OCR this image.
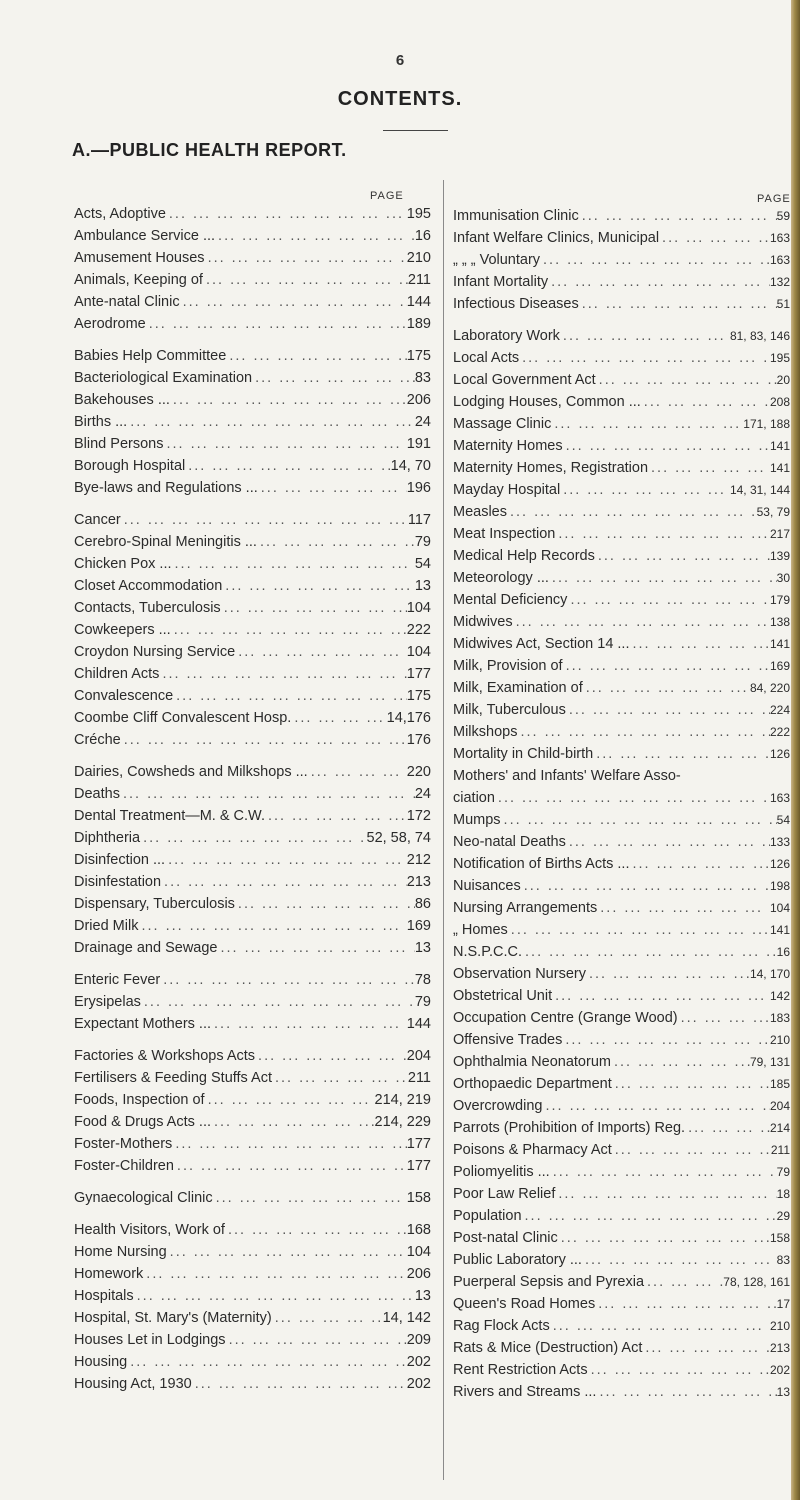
6
CONTENTS.
A.—PUBLIC HEALTH REPORT.
PAGE	PAGE
Acts, Adoptive ... .	195
Ambulance Service ... ... .	16
Amusement Houses ... .	210
Animals, Keeping of ... .	211
Ante-natal Clinic ... .	144
Aerodrome ... .	189
Babies Help Committee ... .	175
Bacteriological Examination ... .	83
Bakehouses ... ... .	206
Births ... ... .	24
Blind Persons ... .	191
Borough Hospital ... .	14, 70
Bye-laws and Regulations ... ... .	196
Cancer ... .	117
Cerebro-Spinal Meningitis ... ... .	79
Chicken Pox ... ... .	54
Closet Accommodation ... .	13
Contacts, Tuberculosis ... .	104
Cowkeepers ... ... .	222
Croydon Nursing Service ... .	104
Children Acts ... .	177
Convalescence ... .	175
Coombe Cliff Convalescent Hosp. ... .	14,176
Créche ... .	176
Dairies, Cowsheds and Milkshops ... ... .	220
Deaths ... .	24
Dental Treatment—M. & C.W. ... .	172
Diphtheria ... .	52, 58, 74
Disinfection ... ... .	212
Disinfestation ... .	213
Dispensary, Tuberculosis ... .	86
Dried Milk ... .	169
Drainage and Sewage ... .	13
Enteric Fever ... .	78
Erysipelas ... .	79
Expectant Mothers ... ... .	144
Factories & Workshops Acts ... .	204
Fertilisers & Feeding Stuffs Act ... .	211
Foods, Inspection of ... .	214, 219
Food & Drugs Acts ... ... .	214, 229
Foster-Mothers ... .	177
Foster-Children ... .	177
Gynaecological Clinic ... .	158
Health Visitors, Work of ... .	168
Home Nursing ... .	104
Homework ... .	206
Hospitals ... .	13
Hospital, St. Mary's (Maternity) ... .	14, 142
Houses Let in Lodgings ... .	209
Housing ... .	202
Housing Act, 1930 ... .	202
Immunisation Clinic ... .	59
Infant Welfare Clinics, Municipal ... .	163
„ „ „ Voluntary ... .	163
Infant Mortality ... .	132
Infectious Diseases ... .	51
Laboratory Work ... .	81, 83, 146
Local Acts ... .	195
Local Government Act ... .	20
Lodging Houses, Common ... ... .	208
Massage Clinic ... .	171, 188
Maternity Homes ... .	141
Maternity Homes, Registration ... .	141
Mayday Hospital ... .	14, 31, 144
Measles ... .	53, 79
Meat Inspection ... .	217
Medical Help Records ... .	139
Meteorology ... ... .	30
Mental Deficiency ... .	179
Midwives ... .	138
Midwives Act, Section 14 ... ... .	141
Milk, Provision of ... .	169
Milk, Examination of ... .	84, 220
Milk, Tuberculous ... .	224
Milkshops ... .	222
Mortality in Child-birth ... .	126
Mothers' and Infants' Welfare Asso-
ciation ... .	163
Mumps ... .	54
Neo-natal Deaths ... .	133
Notification of Births Acts ... ... .	126
Nuisances ... .	198
Nursing Arrangements ... .	104
„ Homes ... .	141
N.S.P.C.C. ... .	16
Observation Nursery ... .	14, 170
Obstetrical Unit ... .	142
Occupation Centre (Grange Wood) ... .	183
Offensive Trades ... .	210
Ophthalmia Neonatorum ... .	79, 131
Orthopaedic Department ... .	185
Overcrowding ... .	204
Parrots (Prohibition of Imports) Reg. ... .	214
Poisons & Pharmacy Act ... .	211
Poliomyelitis ... ... .	79
Poor Law Relief ... .	18
Population ... .	29
Post-natal Clinic ... .	158
Public Laboratory ... ... .	83
Puerperal Sepsis and Pyrexia ... .	78, 128, 161
Queen's Road Homes ... .	17
Rag Flock Acts ... .	210
Rats & Mice (Destruction) Act ... .	213
Rent Restriction Acts ... .	202
Rivers and Streams ... ... .	13
